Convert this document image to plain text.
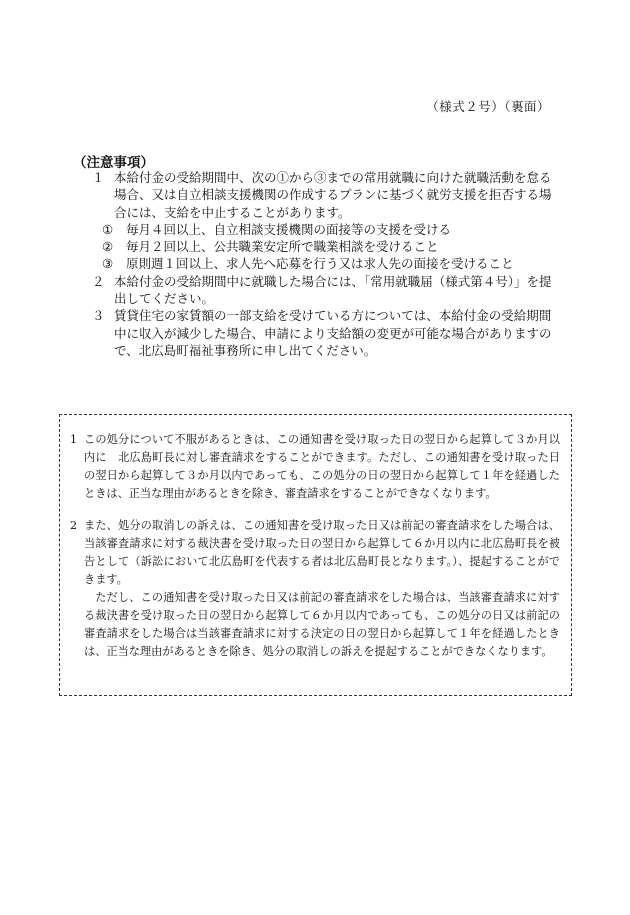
（様式２号）（裏面）
（注意事項）
１ 本給付金の受給期間中、次の①から③までの常用就職に向けた就職活動を怠る場合、又は自立相談支援機関の作成するプランに基づく就労支援を拒否する場合には、支給を中止することがあります。
①	毎月４回以上、自立相談支援機関の面接等の支援を受ける
②	毎月２回以上、公共職業安定所で職業相談を受けること
③	原則週１回以上、求人先へ応募を行う又は求人先の面接を受けること
２ 本給付金の受給期間中に就職した場合には、「常用就職届（様式第４号）」を提出してください。
３ 賃貸住宅の家賃額の一部支給を受けている方については、本給付金の受給期間中に収入が減少した場合、申請により支給額の変更が可能な場合がありますので、北広島町福祉事務所に申し出てください。
1 この処分について不服があるときは、この通知書を受け取った日の翌日から起算して３か月以内に　北広島町長に対し審査請求をすることができます。ただし、この通知書を受け取った日の翌日から起算して３か月以内であっても、この処分の日の翌日から起算して１年を経過したときは、正当な理由があるときを除き、審査請求をすることができなくなります。
2 また、処分の取消しの訴えは、この通知書を受け取った日又は前記の審査請求をした場合は、当該審査請求に対する裁決書を受け取った日の翌日から起算して６か月以内に北広島町長を被告として（訴訟において北広島町を代表する者は北広島町長となります。）、提起することができます。
ただし、この通知書を受け取った日又は前記の審査請求をした場合は、当該審査請求に対する裁決書を受け取った日の翌日から起算して６か月以内であっても、この処分の日又は前記の審査請求をした場合は当該審査請求に対する決定の日の翌日から起算して１年を経過したときは、正当な理由があるときを除き、処分の取消しの訴えを提起することができなくなります。
